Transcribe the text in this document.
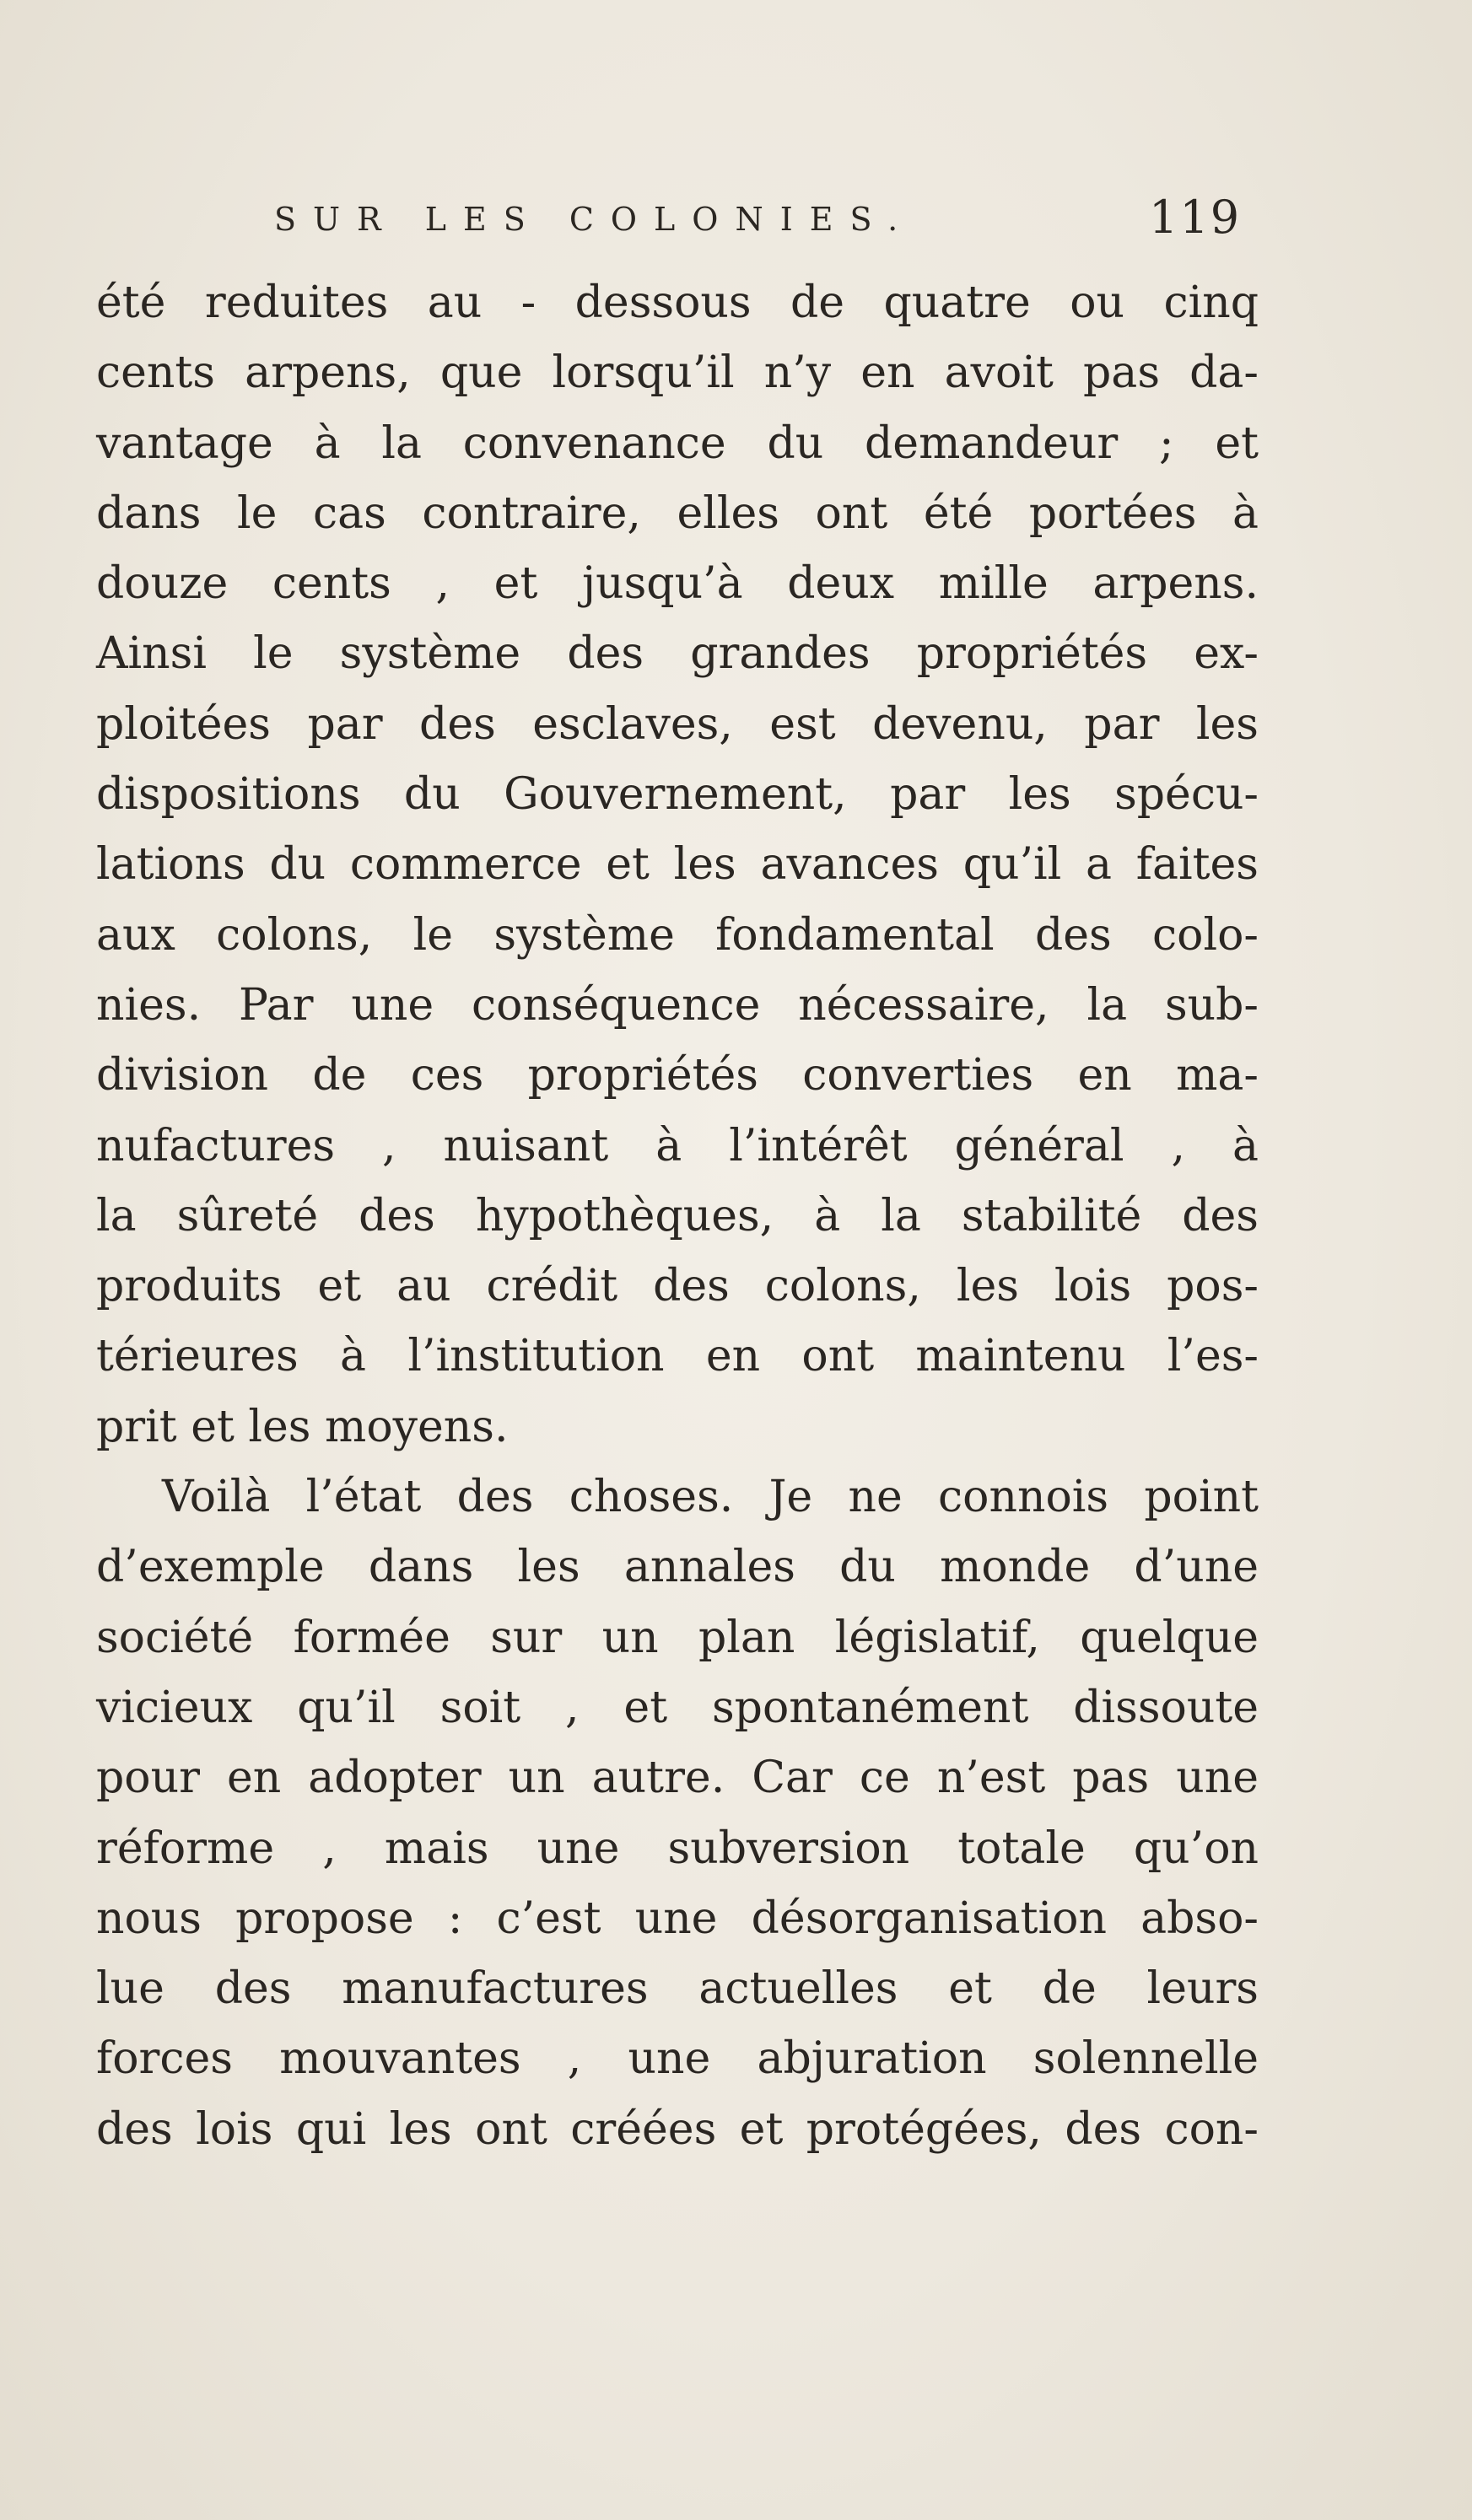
SUR LES COLONIES.	119
été reduites au - dessous de quatre ou cinq
cents arpens, que lorsqu’il n’y en avoit pas da-
vantage à la convenance du demandeur ; et
dans le cas contraire, elles ont été portées à
douze cents , et jusqu’à deux mille arpens.
Ainsi le système des grandes propriétés ex-
ploitées par des esclaves, est devenu, par les
dispositions du Gouvernement, par les spécu-
lations du commerce et les avances qu’il a faites
aux colons, le système fondamental des colo-
nies. Par une conséquence nécessaire, la sub-
division de ces propriétés converties en ma-
nufactures , nuisant à l’intérêt général , à
la sûreté des hypothèques, à la stabilité des
produits et au crédit des colons, les lois pos-
térieures à l’institution en ont maintenu l’es-
prit et les moyens.
Voilà l’état des choses. Je ne connois point
d’exemple dans les annales du monde d’une
société formée sur un plan législatif, quelque
vicieux qu’il soit , et spontanément dissoute
pour en adopter un autre. Car ce n’est pas une
réforme , mais une subversion totale qu’on
nous propose : c’est une désorganisation abso-
lue des manufactures actuelles et de leurs
forces mouvantes , une abjuration solennelle
des lois qui les ont créées et protégées, des con-
